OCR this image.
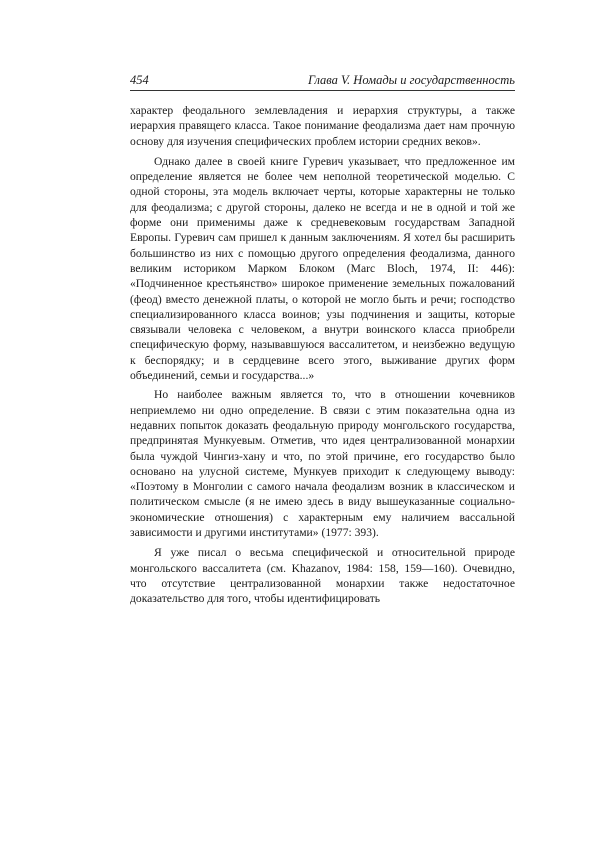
454	Глава V. Номады и государственность

характер феодального землевладения и иерархия структуры, а также иерархия правящего класса. Такое понимание феодализма дает нам прочную основу для изучения специфических проблем истории средних веков».

Однако далее в своей книге Гуревич указывает, что предложенное им определение является не более чем неполной теоретической моделью. С одной стороны, эта модель включает черты, которые характерны не только для феодализма; с другой стороны, далеко не всегда и не в одной и той же форме они применимы даже к средневековым государствам Западной Европы. Гуревич сам пришел к данным заключениям. Я хотел бы расширить большинство из них с помощью другого определения феодализма, данного великим историком Марком Блоком (Marc Bloch, 1974, II: 446): «Подчиненное крестьянство» широкое применение земельных пожалований (феод) вместо денежной платы, о которой не могло быть и речи; господство специализированного класса воинов; узы подчинения и защиты, которые связывали человека с человеком, а внутри воинского класса приобрели специфическую форму, называвшуюся вассалитетом, и неизбежно ведущую к беспорядку; и в сердцевине всего этого, выживание других форм объединений, семьи и государства...»

Но наиболее важным является то, что в отношении кочевников неприемлемо ни одно определение. В связи с этим показательна одна из недавних попыток доказать феодальную природу монгольского государства, предпринятая Мункуевым. Отметив, что идея централизованной монархии была чуждой Чингиз-хану и что, по этой причине, его государство было основано на улусной системе, Мункуев приходит к следующему выводу: «Поэтому в Монголии с самого начала феодализм возник в классическом и политическом смысле (я не имею здесь в виду вышеуказанные социально-экономические отношения) с характерным ему наличием вассальной зависимости и другими институтами» (1977: 393).

Я уже писал о весьма специфической и относительной природе монгольского вассалитета (см. Khazanov, 1984: 158, 159—160). Очевидно, что отсутствие централизованной монархии также недостаточное доказательство для того, чтобы идентифицировать
